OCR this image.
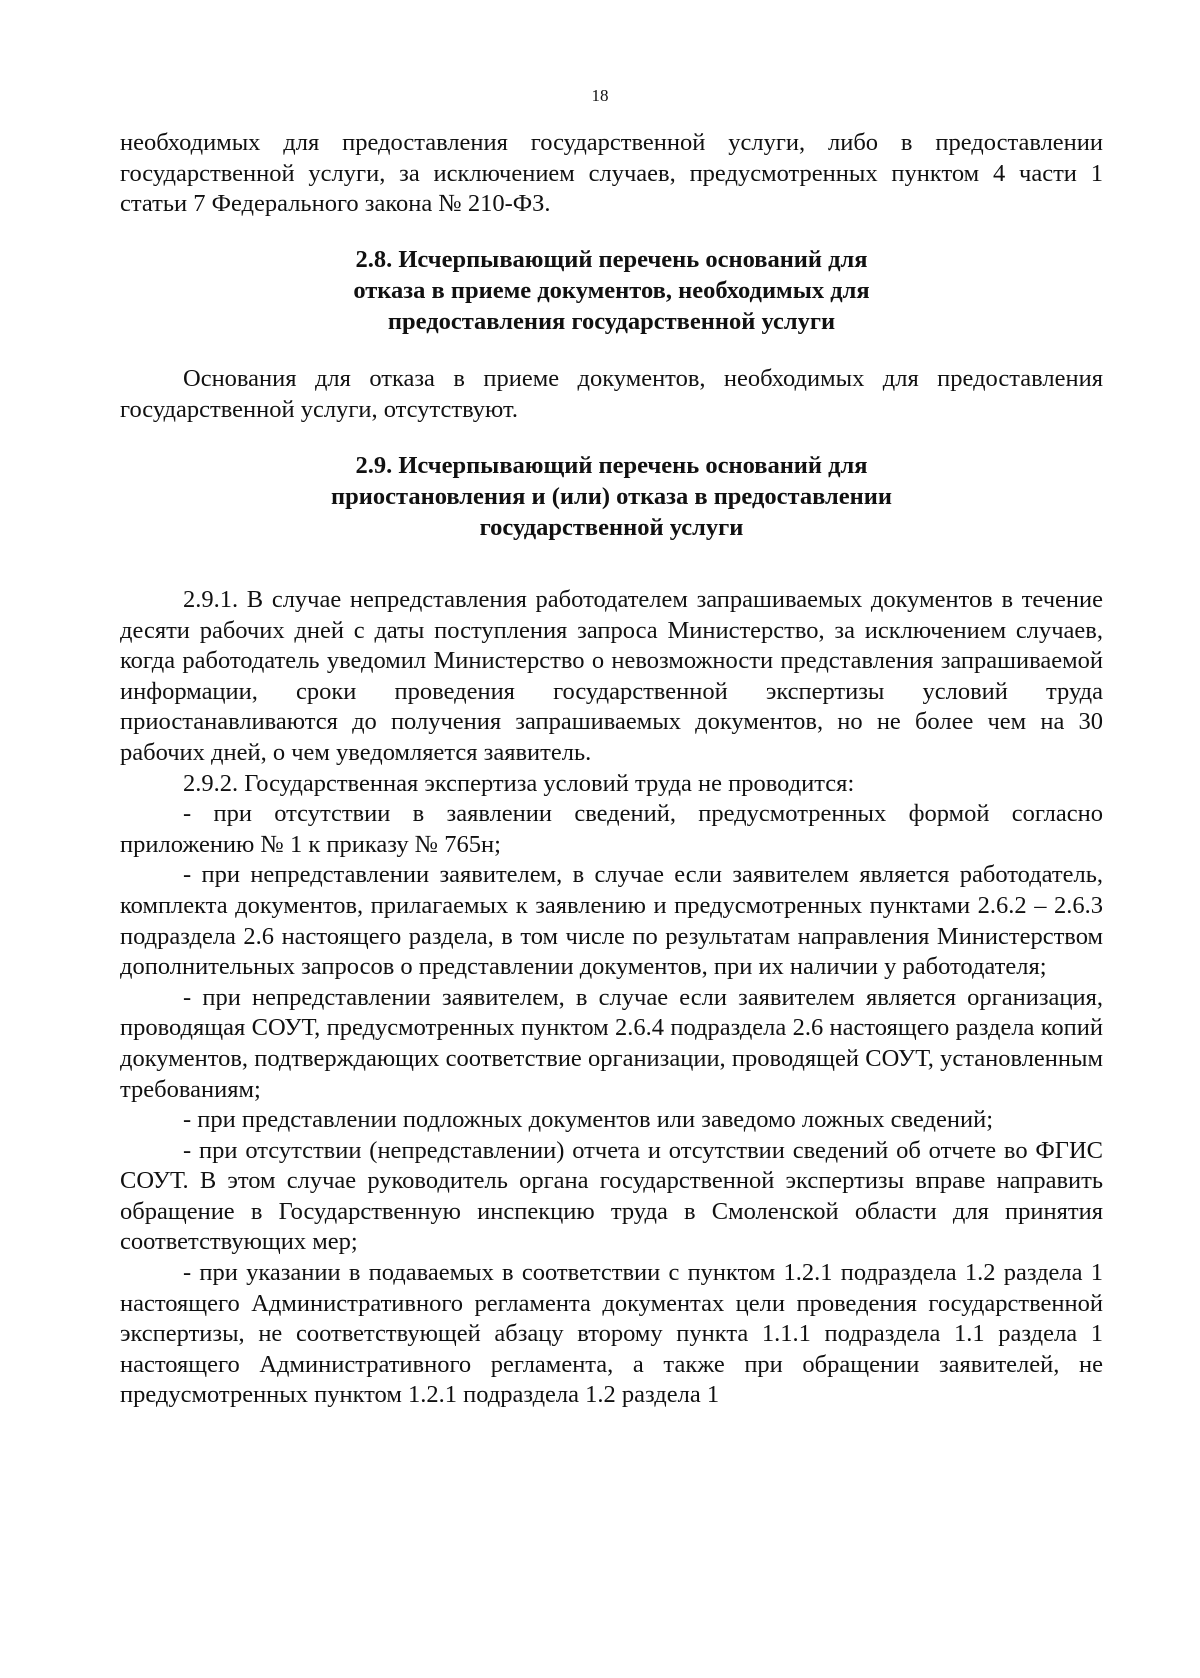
18

необходимых для предоставления государственной услуги, либо в предоставлении государственной услуги, за исключением случаев, предусмотренных пунктом 4 части 1 статьи 7 Федерального закона № 210-ФЗ.

2.8. Исчерпывающий перечень оснований для
отказа в приеме документов, необходимых для
предоставления государственной услуги

Основания для отказа в приеме документов, необходимых для предоставления государственной услуги, отсутствуют.

2.9. Исчерпывающий перечень оснований для
приостановления и (или) отказа в предоставлении
государственной услуги

2.9.1. В случае непредставления работодателем запрашиваемых документов в течение десяти рабочих дней с даты поступления запроса Министерство, за исключением случаев, когда работодатель уведомил Министерство о невозможности представления запрашиваемой информации, сроки проведения государственной экспертизы условий труда приостанавливаются до получения запрашиваемых документов, но не более чем на 30 рабочих дней, о чем уведомляется заявитель.

2.9.2. Государственная экспертиза условий труда не проводится:

- при отсутствии в заявлении сведений, предусмотренных формой согласно приложению № 1 к приказу № 765н;

- при непредставлении заявителем, в случае если заявителем является работодатель, комплекта документов, прилагаемых к заявлению и предусмотренных пунктами 2.6.2 – 2.6.3 подраздела 2.6 настоящего раздела, в том числе по результатам направления Министерством дополнительных запросов о представлении документов, при их наличии у работодателя;

- при непредставлении заявителем, в случае если заявителем является организация, проводящая СОУТ, предусмотренных пунктом 2.6.4 подраздела 2.6 настоящего раздела копий документов, подтверждающих соответствие организации, проводящей СОУТ, установленным требованиям;

- при представлении подложных документов или заведомо ложных сведений;

- при отсутствии (непредставлении) отчета и отсутствии сведений об отчете во ФГИС СОУТ. В этом случае руководитель органа государственной экспертизы вправе направить обращение в Государственную инспекцию труда в Смоленской области для принятия соответствующих мер;

- при указании в подаваемых в соответствии с пунктом 1.2.1 подраздела 1.2 раздела 1 настоящего Административного регламента документах цели проведения государственной экспертизы, не соответствующей абзацу второму пункта 1.1.1 подраздела 1.1 раздела 1 настоящего Административного регламента, а также при обращении заявителей, не предусмотренных пунктом 1.2.1 подраздела 1.2 раздела 1
